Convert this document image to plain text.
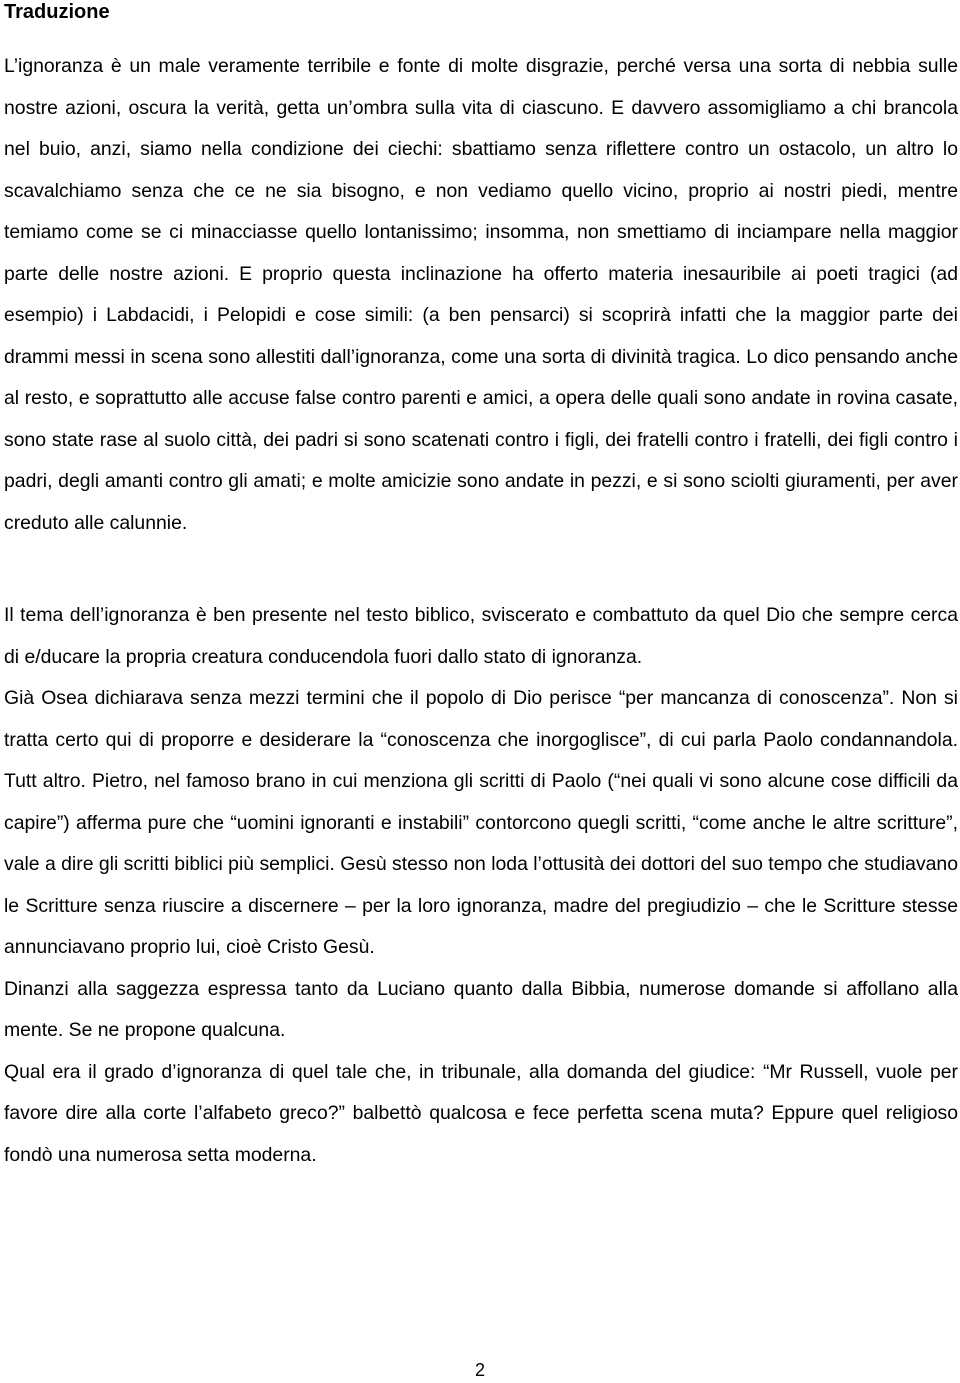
Traduzione

L’ignoranza è un male veramente terribile e fonte di molte disgrazie, perché versa una sorta di nebbia sulle nostre azioni, oscura la verità, getta un’ombra sulla vita di ciascuno. E davvero assomigliamo a chi brancola nel buio, anzi, siamo nella condizione dei ciechi: sbattiamo senza riflettere contro un ostacolo, un altro lo scavalchiamo senza che ce ne sia bisogno, e non vediamo quello vicino, proprio ai nostri piedi, mentre temiamo come se ci minacciasse quello lontanissimo; insomma, non smettiamo di inciampare nella maggior parte delle nostre azioni. E proprio questa inclinazione ha offerto materia inesauribile ai poeti tragici (ad esempio) i Labdacidi, i Pelopidi e cose simili: (a ben pensarci) si scoprirà infatti che la maggior parte dei drammi messi in scena sono allestiti dall’ignoranza, come una sorta di divinità tragica. Lo dico pensando anche al resto, e soprattutto alle accuse false contro parenti e amici, a opera delle quali sono andate in rovina casate, sono state rase al suolo città, dei padri si sono scatenati contro i figli, dei fratelli contro i fratelli, dei figli contro i padri, degli amanti contro gli amati; e molte amicizie sono andate in pezzi, e si sono sciolti giuramenti, per aver creduto alle calunnie.

Il tema dell’ignoranza è ben presente nel testo biblico, sviscerato e combattuto da quel Dio che sempre cerca di e/ducare la propria creatura conducendola fuori dallo stato di ignoranza.

Già Osea dichiarava senza mezzi termini che il popolo di Dio perisce “per mancanza di conoscenza”. Non si tratta certo qui di proporre e desiderare la “conoscenza che inorgoglisce”, di cui parla Paolo condannandola. Tutt altro. Pietro, nel famoso brano in cui menziona gli scritti di Paolo (“nei quali vi sono alcune cose difficili da capire”) afferma pure che “uomini ignoranti e instabili” contorcono quegli scritti, “come anche le altre scritture”, vale a dire gli scritti biblici più semplici. Gesù stesso non loda l’ottusità dei dottori del suo tempo che studiavano le Scritture senza riuscire a discernere – per la loro ignoranza, madre del pregiudizio – che le Scritture stesse annunciavano proprio lui, cioè Cristo Gesù.

Dinanzi alla saggezza espressa tanto da Luciano quanto dalla Bibbia, numerose domande si affollano alla mente. Se ne propone qualcuna.

Qual era il grado d’ignoranza di quel tale che, in tribunale, alla domanda del giudice: “Mr Russell, vuole per favore dire alla corte l’alfabeto greco?” balbettò qualcosa e fece perfetta scena muta? Eppure quel religioso fondò una numerosa setta moderna.

2
